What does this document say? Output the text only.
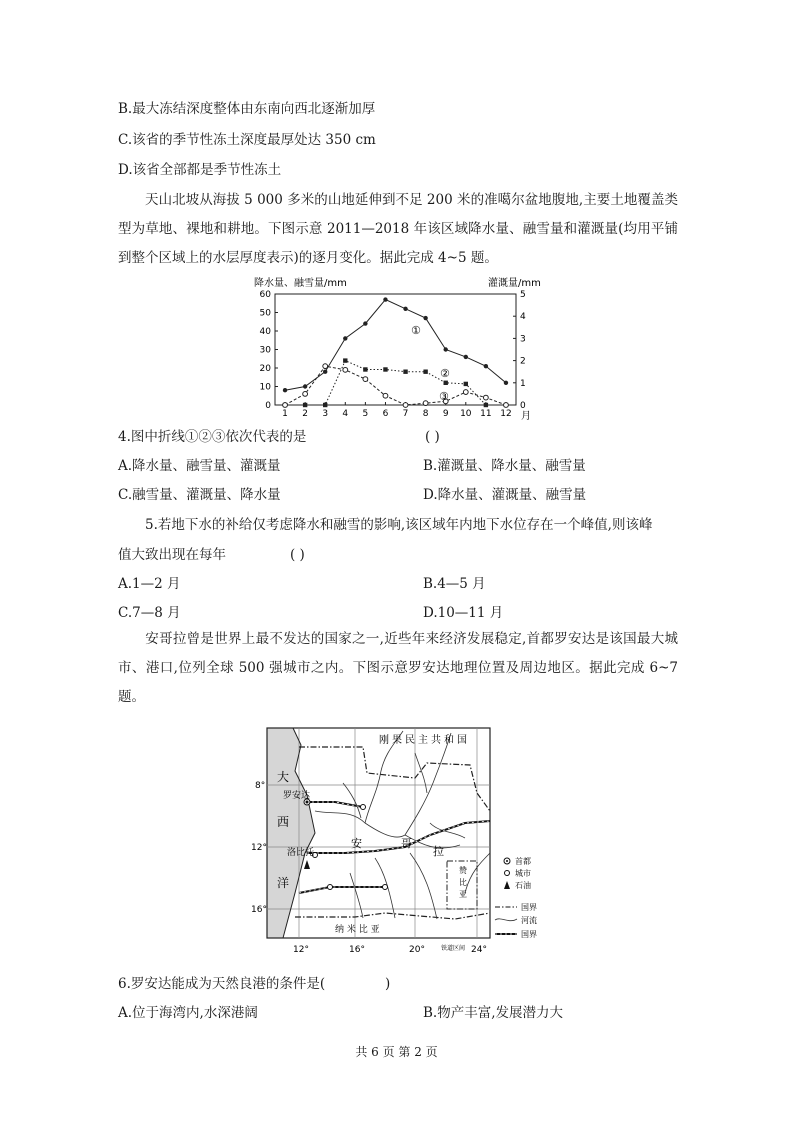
B.最大冻结深度整体由东南向西北逐渐加厚
C.该省的季节性冻土深度最厚处达 350 cm
D.该省全部都是季节性冻土
天山北坡从海拔 5 000 多米的山地延伸到不足 200 米的准噶尔盆地腹地,主要土地覆盖类型为草地、裸地和耕地。下图示意 2011—2018 年该区域降水量、融雪量和灌溉量(均用平铺到整个区域上的水层厚度表示)的逐月变化。据此完成 4~5 题。
降水量、融雪量/mm	灌溉量/mm
0
10
20
30
40
50
60
0
1
2
3
4
5
1 2 3 4 5 6 7 8 9 10 11 12
①
②
③
月
4.图中折线①②③依次代表的是	( )
A.降水量、融雪量、灌溉量	B.灌溉量、降水量、融雪量
C.融雪量、灌溉量、降水量	D.降水量、灌溉量、融雪量
5.若地下水的补给仅考虑降水和融雪的影响,该区域年内地下水位存在一个峰值,则该峰
值大致出现在每年	( )
A.1—2 月	B.4—5 月
C.7—8 月	D.10—11 月
安哥拉曾是世界上最不发达的国家之一,近些年来经济发展稳定,首都罗安达是该国最大城市、港口,位列全球 500 强城市之内。下图示意罗安达地理位置及周边地区。据此完成 6~7 题。
刚果民主共和国
大
西
洋
罗安达
洛比托
安	哥
拉
赞
比
亚
纳 米 比 亚
8°
12°
16°
12°	16°	20°	24°
铁道区间
首都
城市
石油
国界
河流
国界
6.罗安达能成为天然良港的条件是(	)
A.位于海湾内,水深港阔	B.物产丰富,发展潜力大
共 6 页 第 2 页
